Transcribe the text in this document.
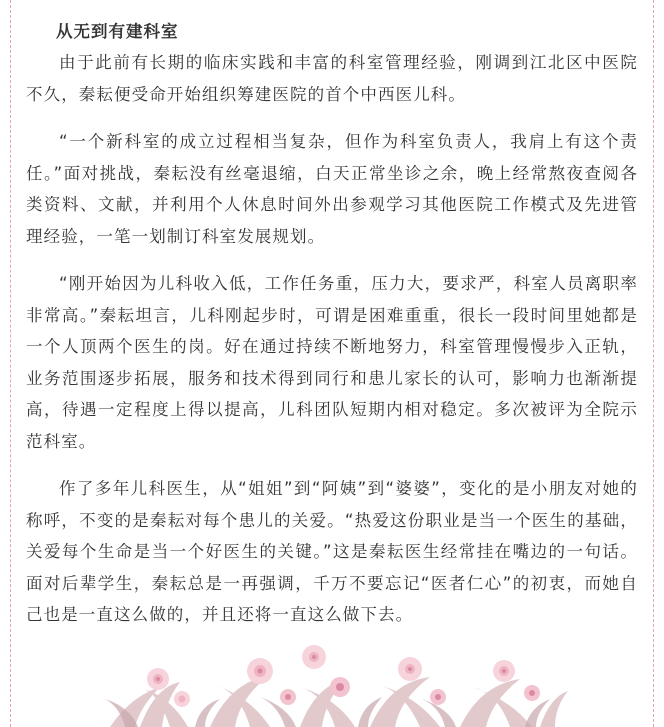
从无到有建科室

由于此前有长期的临床实践和丰富的科室管理经验，刚调到江北区中医院不久，秦耘便受命开始组织筹建医院的首个中西医儿科。

“一个新科室的成立过程相当复杂，但作为科室负责人，我肩上有这个责任。”面对挑战，秦耘没有丝毫退缩，白天正常坐诊之余，晚上经常熬夜查阅各类资料、文献，并利用个人休息时间外出参观学习其他医院工作模式及先进管理经验，一笔一划制订科室发展规划。

“刚开始因为儿科收入低，工作任务重，压力大，要求严，科室人员离职率非常高。”秦耘坦言，儿科刚起步时，可谓是困难重重，很长一段时间里她都是一个人顶两个医生的岗。好在通过持续不断地努力，科室管理慢慢步入正轨，业务范围逐步拓展，服务和技术得到同行和患儿家长的认可，影响力也渐渐提高，待遇一定程度上得以提高，儿科团队短期内相对稳定。多次被评为全院示范科室。

作了多年儿科医生，从“姐姐”到“阿姨”到“婆婆”，变化的是小朋友对她的称呼，不变的是秦耘对每个患儿的关爱。“热爱这份职业是当一个医生的基础，关爱每个生命是当一个好医生的关键。”这是秦耘医生经常挂在嘴边的一句话。面对后辈学生，秦耘总是一再强调，千万不要忘记“医者仁心”的初衷，而她自己也是一直这么做的，并且还将一直这么做下去。
